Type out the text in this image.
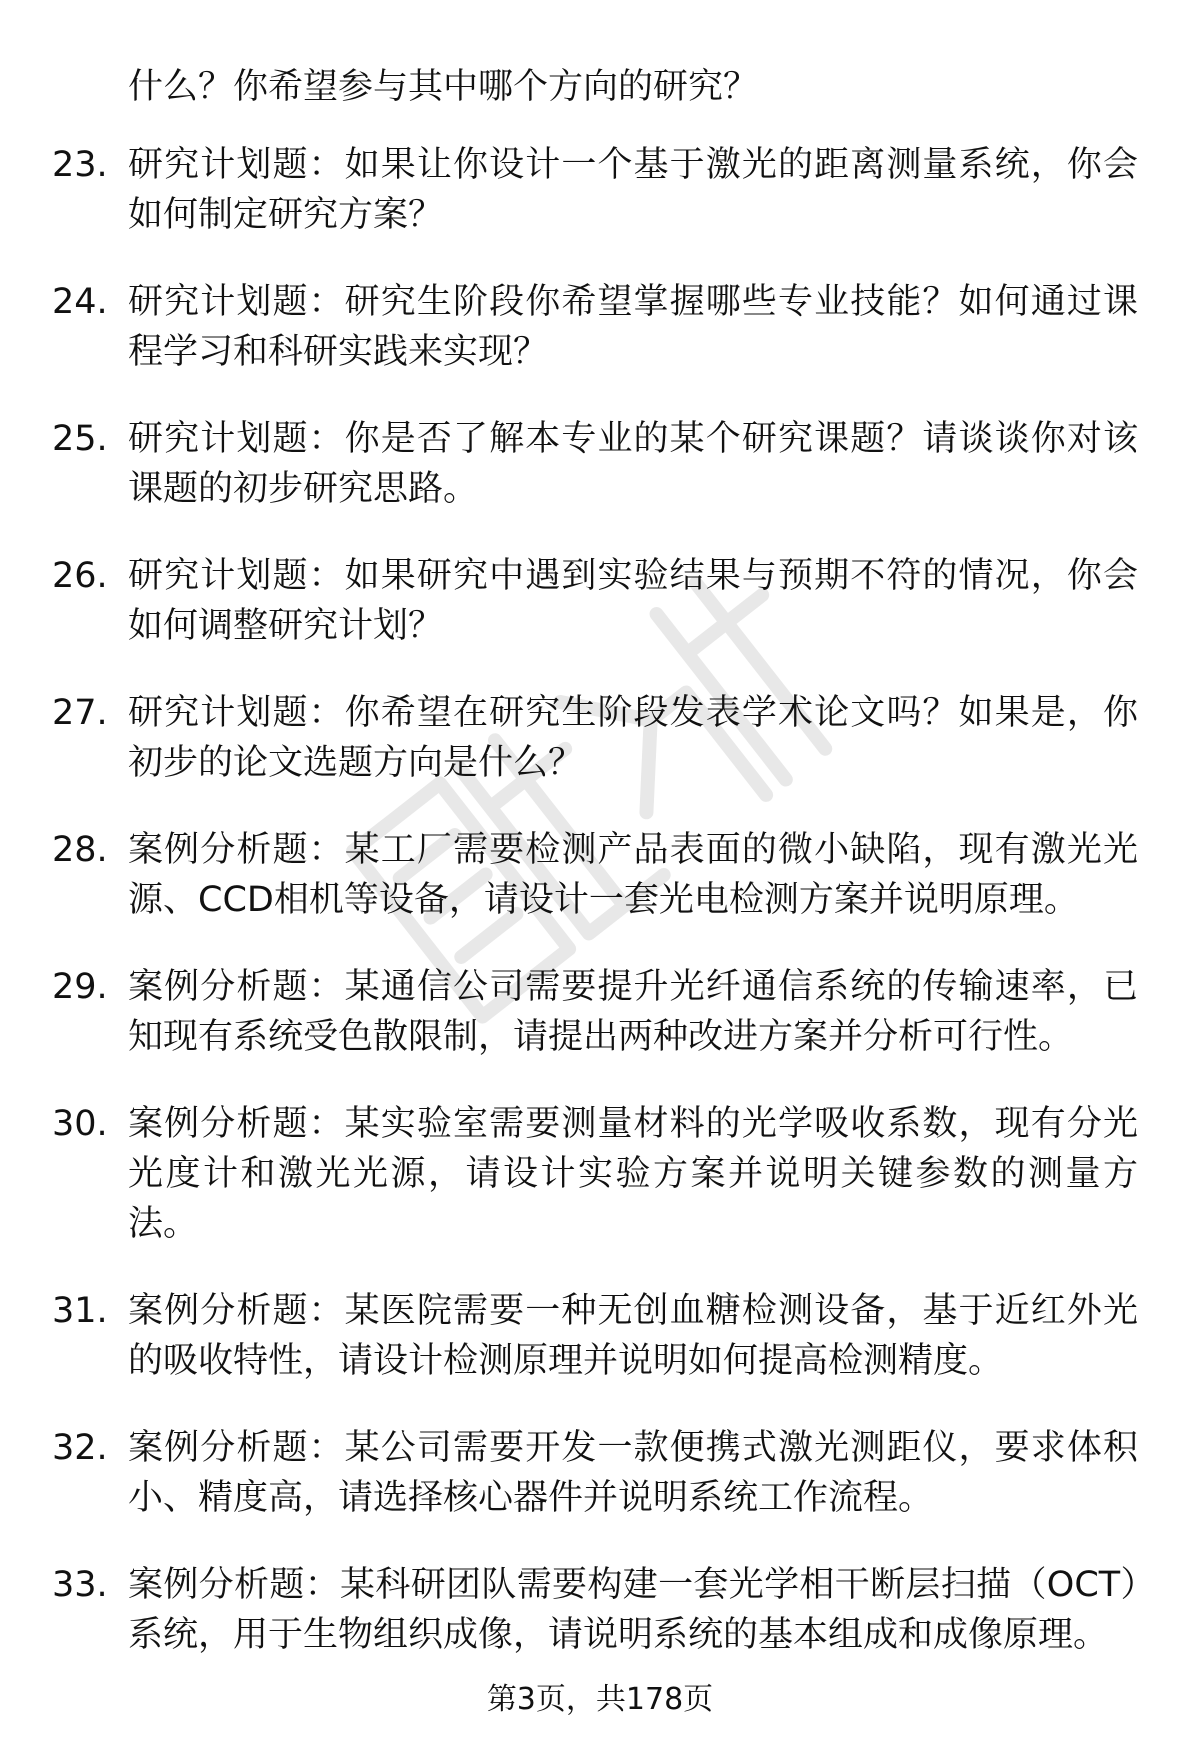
什么？你希望参与其中哪个方向的研究？
23. 研究计划题：如果让你设计一个基于激光的距离测量系统，你会如何制定研究方案？
24. 研究计划题：研究生阶段你希望掌握哪些专业技能？如何通过课程学习和科研实践来实现？
25. 研究计划题：你是否了解本专业的某个研究课题？请谈谈你对该课题的初步研究思路。
26. 研究计划题：如果研究中遇到实验结果与预期不符的情况，你会如何调整研究计划？
27. 研究计划题：你希望在研究生阶段发表学术论文吗？如果是，你初步的论文选题方向是什么？
28. 案例分析题：某工厂需要检测产品表面的微小缺陷，现有激光光源、CCD相机等设备，请设计一套光电检测方案并说明原理。
29. 案例分析题：某通信公司需要提升光纤通信系统的传输速率，已知现有系统受色散限制，请提出两种改进方案并分析可行性。
30. 案例分析题：某实验室需要测量材料的光学吸收系数，现有分光光度计和激光光源，请设计实验方案并说明关键参数的测量方法。
31. 案例分析题：某医院需要一种无创血糖检测设备，基于近红外光的吸收特性，请设计检测原理并说明如何提高检测精度。
32. 案例分析题：某公司需要开发一款便携式激光测距仪，要求体积小、精度高，请选择核心器件并说明系统工作流程。
33. 案例分析题：某科研团队需要构建一套光学相干断层扫描（OCT）系统，用于生物组织成像，请说明系统的基本组成和成像原理。
第3页，共178页
